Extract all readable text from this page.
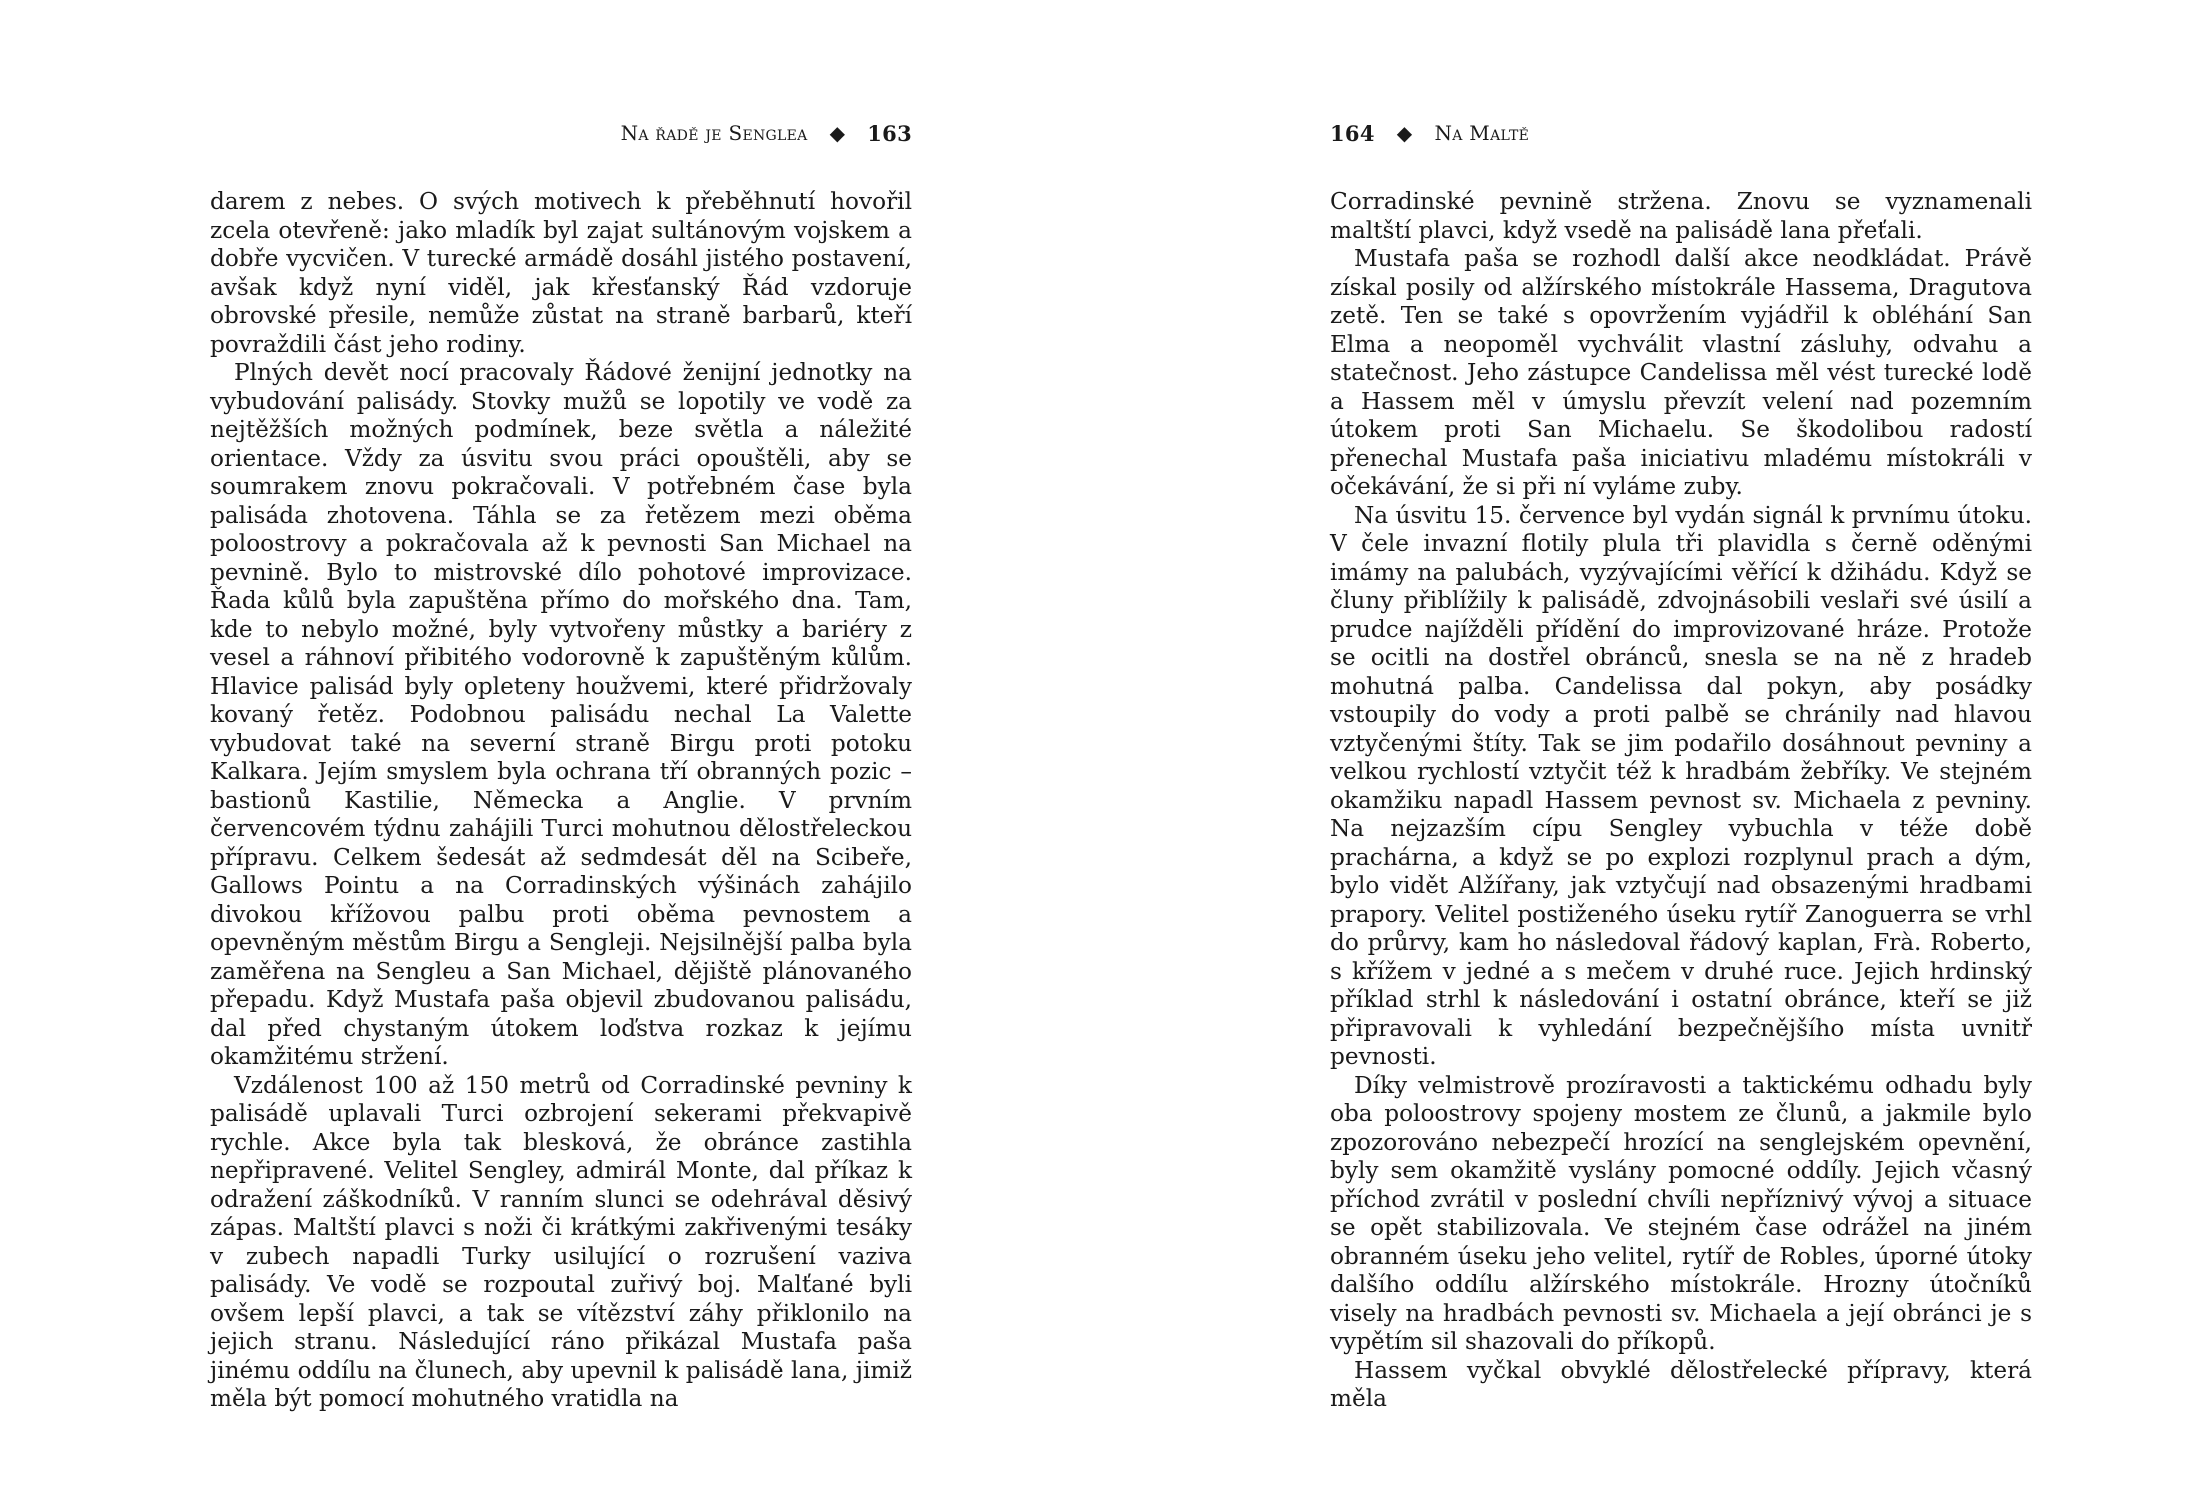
Na řadě je Senglea ◆ 163

darem z nebes. O svých motivech k přeběhnutí hovořil zcela otevřeně: jako mladík byl zajat sultánovým vojskem a dobře vycvičen. V turecké armádě dosáhl jistého postavení, avšak když nyní viděl, jak křesťanský Řád vzdoruje obrovské přesile, nemůže zůstat na straně barbarů, kteří povraždili část jeho rodiny.

Plných devět nocí pracovaly Řádové ženijní jednotky na vybudování palisády. Stovky mužů se lopotily ve vodě za nejtěžších možných podmínek, beze světla a náležité orientace. Vždy za úsvitu svou práci opouštěli, aby se soumrakem znovu pokračovali. V potřebném čase byla palisáda zhotovena. Táhla se za řetězem mezi oběma poloostrovy a pokračovala až k pevnosti San Michael na pevnině. Bylo to mistrovské dílo pohotové improvizace. Řada kůlů byla zapuštěna přímo do mořského dna. Tam, kde to nebylo možné, byly vytvořeny můstky a bariéry z vesel a ráhnoví přibitého vodorovně k zapuštěným kůlům. Hlavice palisád byly opleteny houžvemi, které přidržovaly kovaný řetěz. Podobnou palisádu nechal La Valette vybudovat také na severní straně Birgu proti potoku Kalkara. Jejím smyslem byla ochrana tří obranných pozic – bastionů Kastilie, Německa a Anglie. V prvním červencovém týdnu zahájili Turci mohutnou dělostřeleckou přípravu. Celkem šedesát až sedmdesát děl na Scibeře, Gallows Pointu a na Corradinských výšinách zahájilo divokou křížovou palbu proti oběma pevnostem a opevněným městům Birgu a Sengleji. Nejsilnější palba byla zaměřena na Sengleu a San Michael, dějiště plánovaného přepadu. Když Mustafa paša objevil zbudovanou palisádu, dal před chystaným útokem loďstva rozkaz k jejímu okamžitému stržení.

Vzdálenost 100 až 150 metrů od Corradinské pevniny k palisádě uplavali Turci ozbrojení sekerami překvapivě rychle. Akce byla tak blesková, že obránce zastihla nepřipravené. Velitel Sengley, admirál Monte, dal příkaz k odražení záškodníků. V ranním slunci se odehrával děsivý zápas. Maltští plavci s noži či krátkými zakřivenými tesáky v zubech napadli Turky usilující o rozrušení vaziva palisády. Ve vodě se rozpoutal zuřivý boj. Malťané byli ovšem lepší plavci, a tak se vítězství záhy přiklonilo na jejich stranu. Následující ráno přikázal Mustafa paša jinému oddílu na člunech, aby upevnil k palisádě lana, jimiž měla být pomocí mohutného vratidla na

164 ◆ Na Maltě

Corradinské pevnině stržena. Znovu se vyznamenali maltští plavci, když vsedě na palisádě lana přeťali.

Mustafa paša se rozhodl další akce neodkládat. Právě získal posily od alžírského místokrále Hassema, Dragutova zetě. Ten se také s opovržením vyjádřil k obléhání San Elma a neopoměl vychválit vlastní zásluhy, odvahu a statečnost. Jeho zástupce Candelissa měl vést turecké lodě a Hassem měl v úmyslu převzít velení nad pozemním útokem proti San Michaelu. Se škodolibou radostí přenechal Mustafa paša iniciativu mladému místokráli v očekávání, že si při ní vylámе zuby.

Na úsvitu 15. července byl vydán signál k prvnímu útoku. V čele invazní flotily plula tři plavidla s černě oděnými imámy na palubách, vyzývajícími věřící k džihádu. Když se čluny přiblížily k palisádě, zdvojnásobili veslaři své úsilí a prudce najížděli přídění do improvizované hráze. Protože se ocitli na dostřel obránců, snesla se na ně z hradeb mohutná palba. Candelissa dal pokyn, aby posádky vstoupily do vody a proti palbě se chránily nad hlavou vztyčenými štíty. Tak se jim podařilo dosáhnout pevniny a velkou rychlostí vztyčit též k hradbám žebříky. Ve stejném okamžiku napadl Hassem pevnost sv. Michaela z pevniny. Na nejzazším cípu Sengley vybuchla v téže době prachárna, a když se po explozi rozplynul prach a dým, bylo vidět Alžířany, jak vztyčují nad obsazenými hradbami prapory. Velitel postiženého úseku rytíř Zanoguerra se vrhl do průrvy, kam ho následoval řádový kaplan, Frà. Roberto, s křížem v jedné a s mečem v druhé ruce. Jejich hrdinský příklad strhl k následování i ostatní obránce, kteří se již připravovali k vyhledání bezpečnějšího místa uvnitř pevnosti.

Díky velmistrově prozíravosti a taktickému odhadu byly oba poloostrovy spojeny mostem ze člunů, a jakmile bylo zpozorováno nebezpečí hrozící na senglejském opevnění, byly sem okamžitě vyslány pomocné oddíly. Jejich včasný příchod zvrátil v poslední chvíli nepříznivý vývoj a situace se opět stabilizovala. Ve stejném čase odrážel na jiném obranném úseku jeho velitel, rytíř de Robles, úporné útoky dalšího oddílu alžírského místokrále. Hrozny útočníků visely na hradbách pevnosti sv. Michaela a její obránci je s vypětím sil shazovali do příkopů.

Hassem vyčkal obvyklé dělostřelecké přípravy, která měla
